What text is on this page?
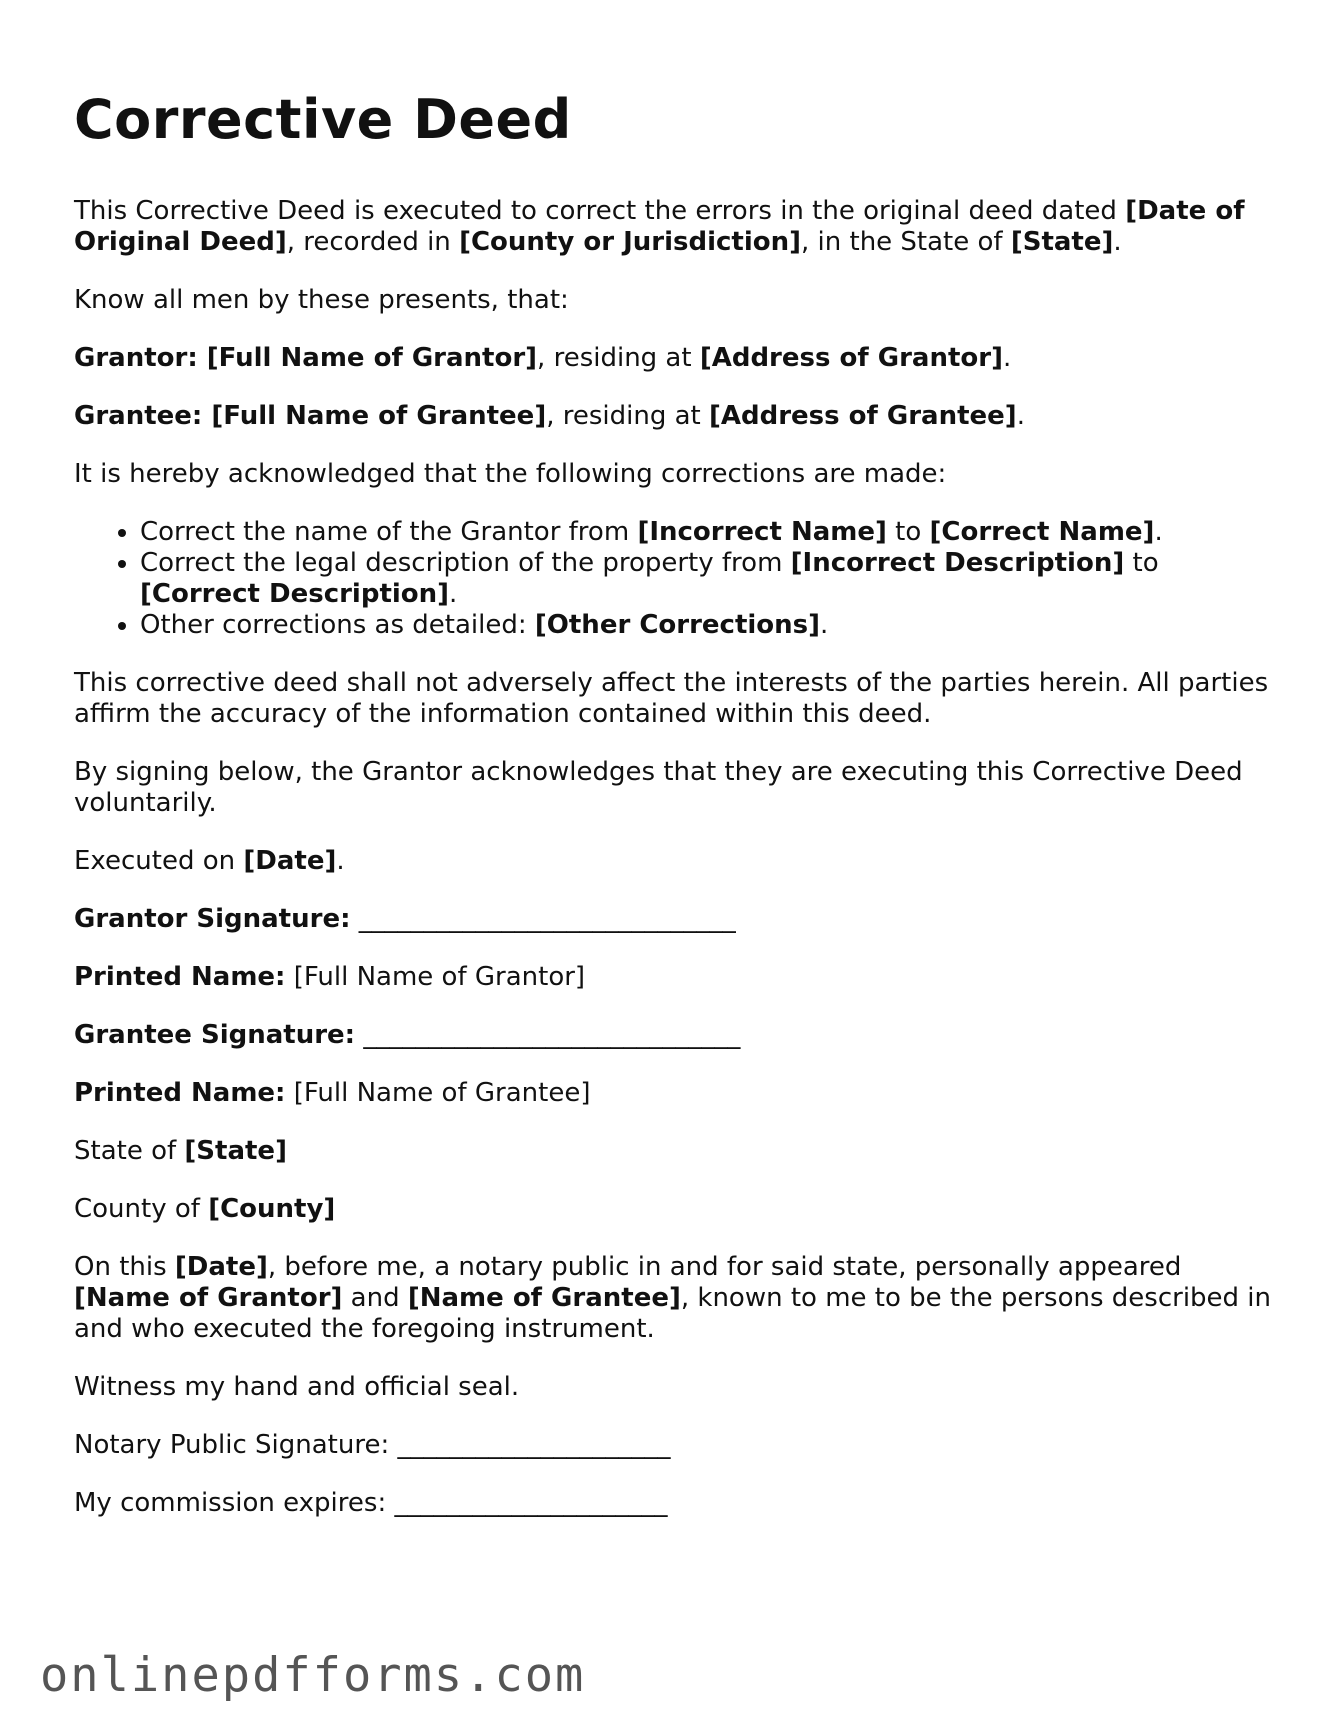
Corrective Deed

This Corrective Deed is executed to correct the errors in the original deed dated [Date of Original Deed], recorded in [County or Jurisdiction], in the State of [State].

Know all men by these presents, that:

Grantor: [Full Name of Grantor], residing at [Address of Grantor].

Grantee: [Full Name of Grantee], residing at [Address of Grantee].

It is hereby acknowledged that the following corrections are made:

• Correct the name of the Grantor from [Incorrect Name] to [Correct Name].
• Correct the legal description of the property from [Incorrect Description] to [Correct Description].
• Other corrections as detailed: [Other Corrections].

This corrective deed shall not adversely affect the interests of the parties herein. All parties affirm the accuracy of the information contained within this deed.

By signing below, the Grantor acknowledges that they are executing this Corrective Deed voluntarily.

Executed on [Date].

Grantor Signature: _____________________________

Printed Name: [Full Name of Grantor]

Grantee Signature: _____________________________

Printed Name: [Full Name of Grantee]

State of [State]

County of [County]

On this [Date], before me, a notary public in and for said state, personally appeared [Name of Grantor] and [Name of Grantee], known to me to be the persons described in and who executed the foregoing instrument.

Witness my hand and official seal.

Notary Public Signature: _____________________

My commission expires: _____________________

onlinepdfforms.com
